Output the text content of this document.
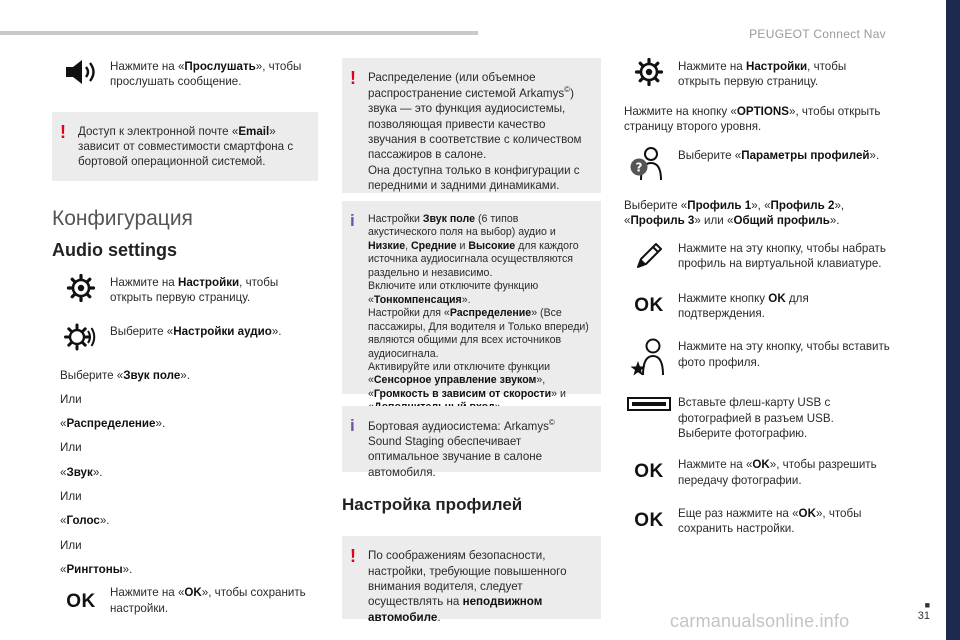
PEUGEOT Connect Nav
■
31
carmanualsonline.info
Нажмите на «Прослушать», чтобы прослушать сообщение.
! Доступ к электронной почте «Email» зависит от совместимости смартфона с бортовой операционной системой.

Конфигурация
Audio settings
Нажмите на Настройки, чтобы открыть первую страницу.
Выберите «Настройки аудио».

Выберите «Звук поле».

Или

«Распределение».

Или

«Звук».

Или

«Голос».

Или

«Рингтоны».

OK Нажмите на «OK», чтобы сохранить настройки.
! Распределение (или объемное распространение системой Arkamys©) звука — это функция аудиосистемы, позволяющая привести качество звучания в соответствие с количеством пассажиров в салоне.

Она доступна только в конфигурации с передними и задними динамиками.

i Настройки Звук поле (6 типов акустического поля на выбор) аудио и Низкие, Средние и Высокие для каждого источника аудиосигнала осуществляются раздельно и независимо.

Включите или отключите функцию «Тонкомпенсация».

Настройки для «Распределение» (Все пассажиры, Для водителя и Только впереди) являются общими для всех источников аудиосигнала.

Активируйте или отключите функции «Сенсорное управление звуком», «Громкость в зависим от скорости» и

i Бортовая аудиосистема: Arkamys© Sound Staging обеспечивает оптимальное звучание в салоне автомобиля.

Настройка профилей
! По соображениям безопасности, настройки, требующие повышенного внимания водителя, следует осуществлять на неподвижном автомобиле.

Нажмите на Настройки, чтобы открыть первую страницу.

Нажмите на кнопку «OPTIONS», чтобы открыть страницу второго уровня.

?
Выберите «Параметры профилей».

Выберите «Профиль 1», «Профиль 2», «Профиль 3» или «Общий профиль».

Нажмите на эту кнопку, чтобы набрать профиль на виртуальной клавиатуре.
OK Нажмите кнопку OK для подтверждения.
Нажмите на эту кнопку, чтобы вставить фото профиля.
Вставьте флеш-карту USB с фотографией в разъем USB.
Выберите фотографию.
OK Нажмите на «OK», чтобы разрешить передачу фотографии.
OK Еще раз нажмите на «OK», чтобы сохранить настройки.
